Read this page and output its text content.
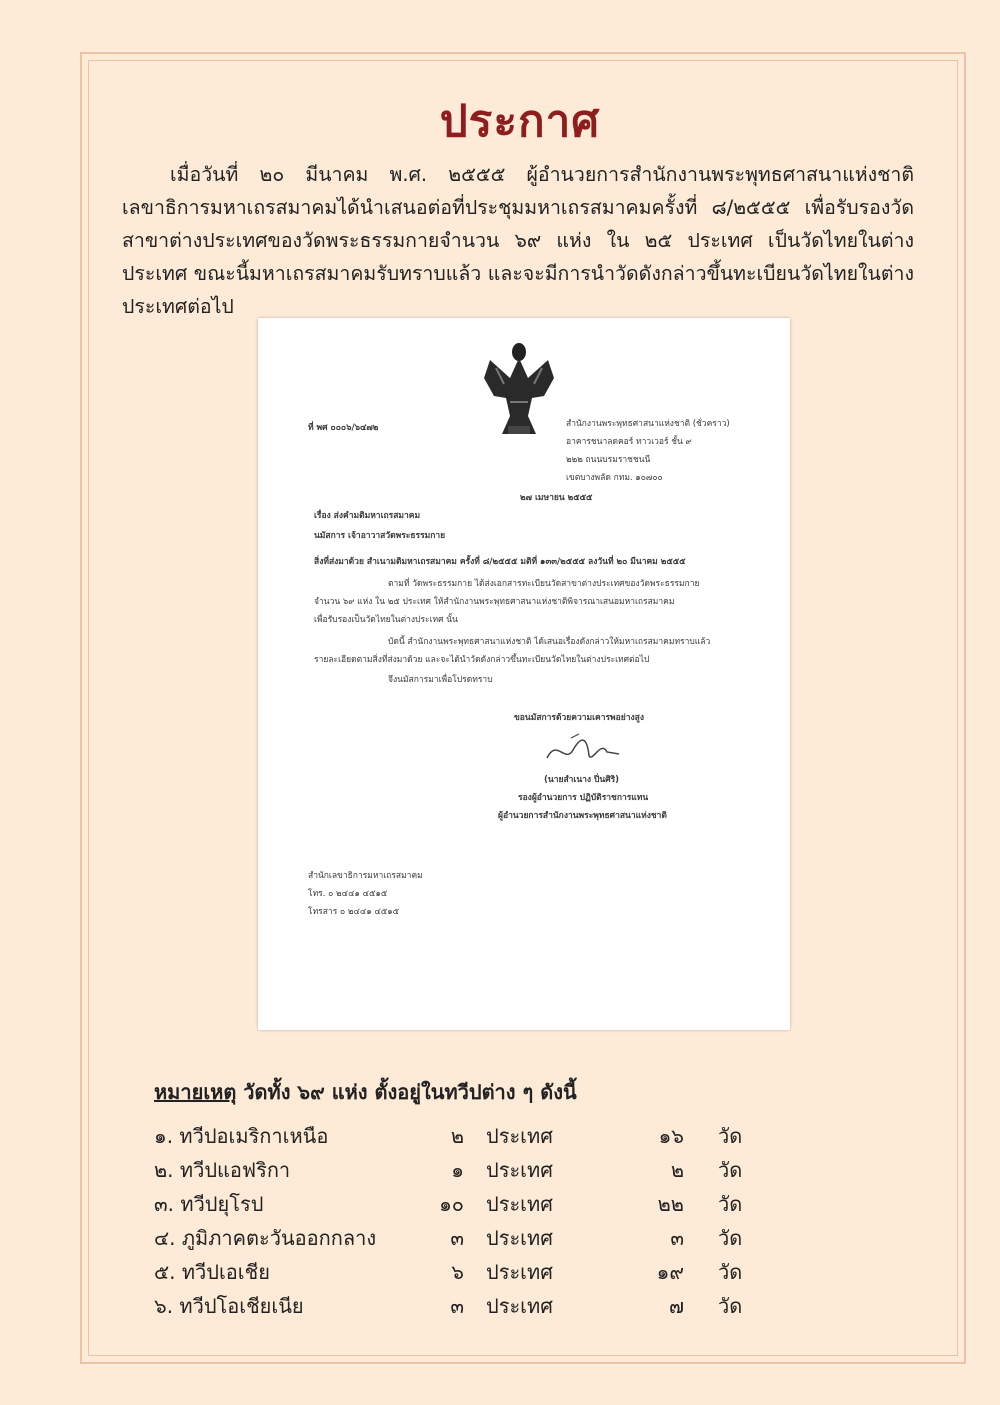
ประกาศ
เมื่อวันที่ ๒๐ มีนาคม พ.ศ. ๒๕๕๕ ผู้อำนวยการสำนักงานพระพุทธศาสนาแห่งชาติ เลขาธิการมหาเถรสมาคมได้นำเสนอต่อที่ประชุมมหาเถรสมาคมครั้งที่ ๘/๒๕๕๕ เพื่อรับรองวัดสาขาต่างประเทศของวัดพระธรรมกายจำนวน ๖๙ แห่ง ใน ๒๕ ประเทศ เป็นวัดไทยในต่างประเทศ ขณะนี้มหาเถรสมาคมรับทราบแล้ว และจะมีการนำวัดดังกล่าวขึ้นทะเบียนวัดไทยในต่างประเทศต่อไป
ที่ พศ ๐๐๐๖/๖๔๗๒	สำนักงานพระพุทธศาสนาแห่งชาติ (ชั่วคราว)
อาคารชนาลดคอร์ ทาวเวอร์ ชั้น ๙
๒๒๒ ถนนบรมราชชนนี
เขตบางพลัด กทม. ๑๐๗๐๐
๒๗ เมษายน ๒๕๕๕
เรื่อง ส่งคำมติมหาเถรสมาคม
นมัสการ เจ้าอาวาสวัดพระธรรมกาย
สิ่งที่ส่งมาด้วย สำเนามติมหาเถรสมาคม ครั้งที่ ๘/๒๕๕๕ มติที่ ๑๓๓/๒๕๕๕ ลงวันที่ ๒๐ มีนาคม ๒๕๕๕
ตามที่ วัดพระธรรมกาย ได้ส่งเอกสารทะเบียนวัดสาขาต่างประเทศของวัดพระธรรมกาย
จำนวน ๖๙ แห่ง ใน ๒๕ ประเทศ ให้สำนักงานพระพุทธศาสนาแห่งชาติพิจารณาเสนอมหาเถรสมาคม
เพื่อรับรองเป็นวัดไทยในต่างประเทศ นั้น
บัดนี้ สำนักงานพระพุทธศาสนาแห่งชาติ ได้เสนอเรื่องดังกล่าวให้มหาเถรสมาคมทราบแล้ว
รายละเอียดตามสิ่งที่ส่งมาด้วย และจะได้นำวัดดังกล่าวขึ้นทะเบียนวัดไทยในต่างประเทศต่อไป
จึงนมัสการมาเพื่อโปรดทราบ
ขอนมัสการด้วยความเคารพอย่างสูง
(นายสำเนาง ปิ่นศิริ)
รองผู้อำนวยการ ปฏิบัติราชการแทน
ผู้อำนวยการสำนักงานพระพุทธศาสนาแห่งชาติ
สำนักเลขาธิการมหาเถรสมาคม
โทร. ๐ ๒๔๔๑ ๔๕๑๕
โทรสาร ๐ ๒๔๔๑ ๔๕๑๕
หมายเหตุ วัดทั้ง ๖๙ แห่ง ตั้งอยู่ในทวีปต่าง ๆ ดังนี้
๑. ทวีปอเมริกาเหนือ	๒ ประเทศ	๑๖ วัด
๒. ทวีปแอฟริกา	๑ ประเทศ	๒ วัด
๓. ทวีปยุโรป	๑๐ ประเทศ	๒๒ วัด
๔. ภูมิภาคตะวันออกกลาง	๓ ประเทศ	๓ วัด
๕. ทวีปเอเชีย	๖ ประเทศ	๑๙ วัด
๖. ทวีปโอเชียเนีย	๓ ประเทศ	๗ วัด
